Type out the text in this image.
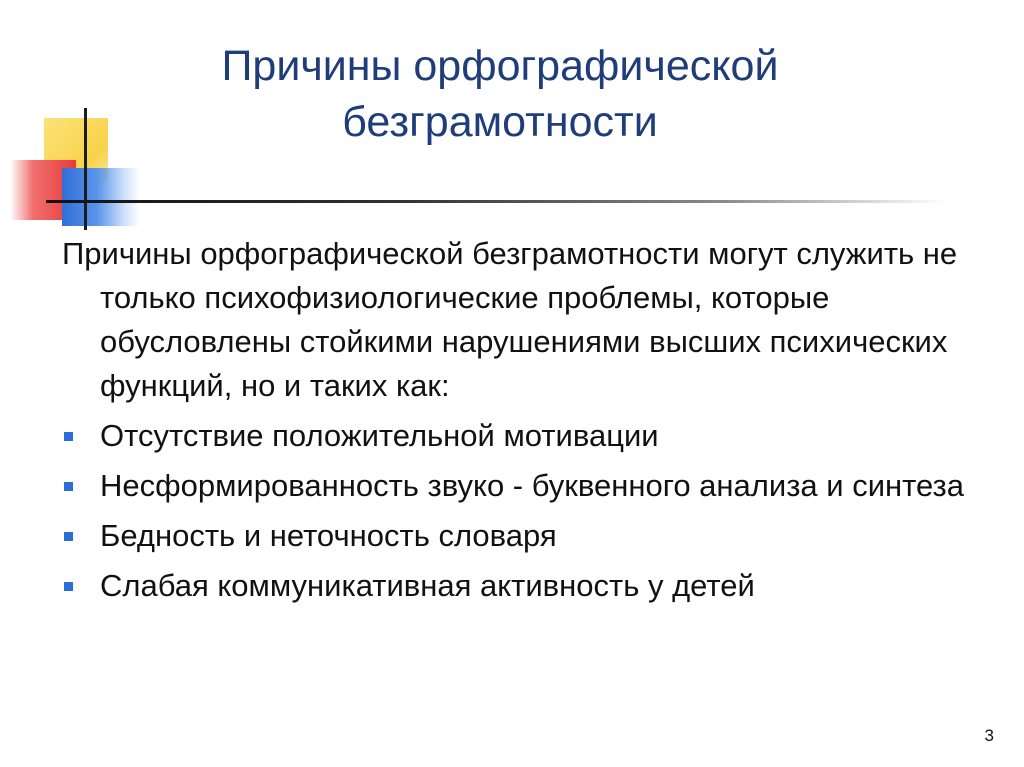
Причины орфографической
безграмотности

Причины орфографической безграмотности могут служить не только психофизиологические проблемы, которые обусловлены стойкими нарушениями высших психических функций, но и таких как:

Отсутствие положительной мотивации
Несформированность звуко - буквенного анализа и синтеза
Бедность и неточность словаря
Слабая коммуникативная активность у детей
3
